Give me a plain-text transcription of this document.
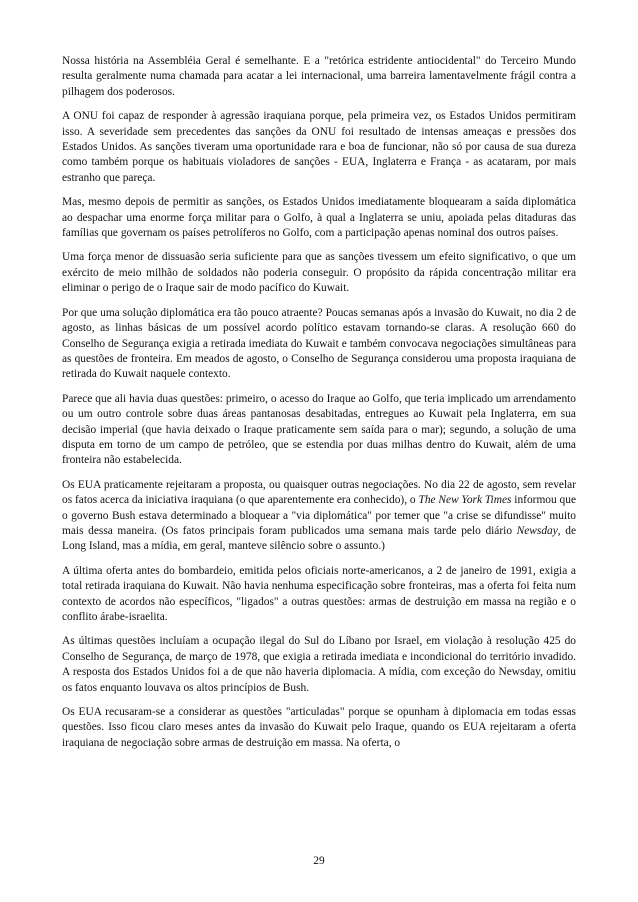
Nossa história na Assembléia Geral é semelhante. E a "retórica estridente antiocidental" do Terceiro Mundo resulta geralmente numa chamada para acatar a lei internacional, uma barreira lamentavelmente frágil contra a pilhagem dos poderosos.

A ONU foi capaz de responder à agressão iraquiana porque, pela primeira vez, os Estados Unidos permitiram isso. A severidade sem precedentes das sanções da ONU foi resultado de intensas ameaças e pressões dos Estados Unidos. As sanções tiveram uma oportunidade rara e boa de funcionar, não só por causa de sua dureza como também porque os habituais violadores de sanções - EUA, Inglaterra e França - as acataram, por mais estranho que pareça.

Mas, mesmo depois de permitir as sanções, os Estados Unidos imediatamente bloquearam a saída diplomática ao despachar uma enorme força militar para o Golfo, à qual a Inglaterra se uniu, apoiada pelas ditaduras das famílias que governam os países petrolíferos no Golfo, com a participação apenas nominal dos outros países.

Uma força menor de dissuasão seria suficiente para que as sanções tivessem um efeito significativo, o que um exército de meio milhão de soldados não poderia conseguir. O propósito da rápida concentração militar era eliminar o perigo de o Iraque sair de modo pacífico do Kuwait.

Por que uma solução diplomática era tão pouco atraente? Poucas semanas após a invasão do Kuwait, no dia 2 de agosto, as linhas básicas de um possível acordo político estavam tornando-se claras. A resolução 660 do Conselho de Segurança exigia a retirada imediata do Kuwait e também convocava negociações simultâneas para as questões de fronteira. Em meados de agosto, o Conselho de Segurança considerou uma proposta iraquiana de retirada do Kuwait naquele contexto.

Parece que ali havia duas questões: primeiro, o acesso do Iraque ao Golfo, que teria implicado um arrendamento ou um outro controle sobre duas áreas pantanosas desabitadas, entregues ao Kuwait pela Inglaterra, em sua decisão imperial (que havia deixado o Iraque praticamente sem saída para o mar); segundo, a solução de uma disputa em torno de um campo de petróleo, que se estendia por duas milhas dentro do Kuwait, além de uma fronteira não estabelecida.

Os EUA praticamente rejeitaram a proposta, ou quaisquer outras negociações. No dia 22 de agosto, sem revelar os fatos acerca da iniciativa iraquiana (o que aparentemente era conhecido), o The New York Times informou que o governo Bush estava determinado a bloquear a "via diplomática" por temer que "a crise se difundisse" muito mais dessa maneira. (Os fatos principais foram publicados uma semana mais tarde pelo diário Newsday, de Long Island, mas a mídia, em geral, manteve silêncio sobre o assunto.)

A última oferta antes do bombardeio, emitida pelos oficiais norte-americanos, a 2 de janeiro de 1991, exigia a total retirada iraquiana do Kuwait. Não havia nenhuma especificação sobre fronteiras, mas a oferta foi feita num contexto de acordos não específicos, "ligados" a outras questões: armas de destruição em massa na região e o conflito árabe-israelita.

As últimas questões incluíam a ocupação ilegal do Sul do Líbano por Israel, em violação à resolução 425 do Conselho de Segurança, de março de 1978, que exigia a retirada imediata e incondicional do território invadido. A resposta dos Estados Unidos foi a de que não haveria diplomacia. A mídia, com exceção do Newsday, omitiu os fatos enquanto louvava os altos princípios de Bush.

Os EUA recusaram-se a considerar as questões "articuladas" porque se opunham à diplomacia em todas essas questões. Isso ficou claro meses antes da invasão do Kuwait pelo Iraque, quando os EUA rejeitaram a oferta iraquiana de negociação sobre armas de destruição em massa. Na oferta, o

29
